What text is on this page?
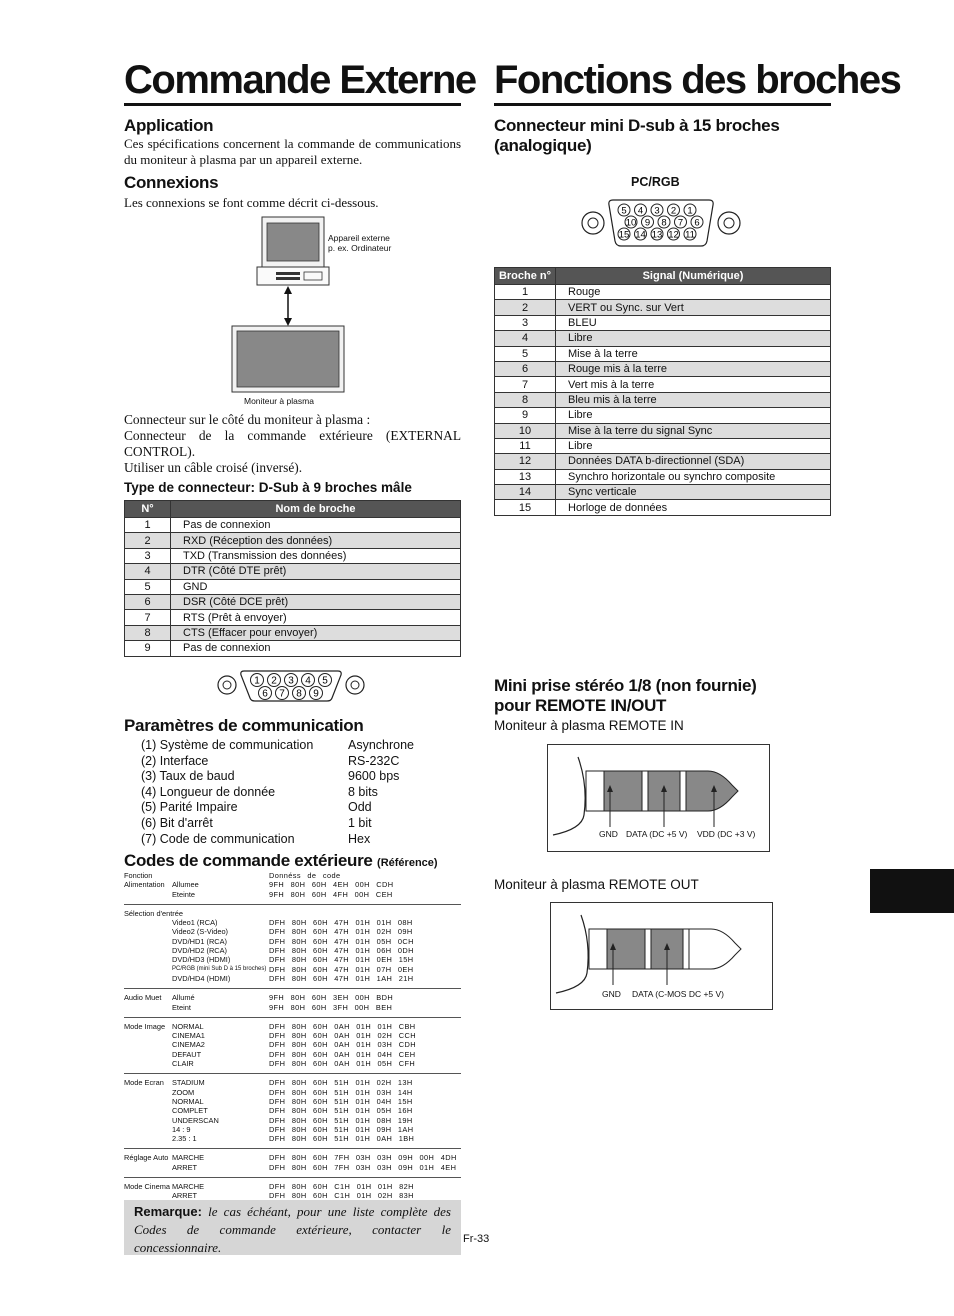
Commande Externe Fonctions des broches
Application
Ces spécifications concernent la commande de communications du moniteur à plasma par un appareil externe.
Connexions
Les connexions se font comme décrit ci-dessous.
Appareil externe
p. ex. Ordinateur
Moniteur à plasma
Connecteur sur le côté du moniteur à plasma :
Connecteur de la commande extérieure (EXTERNAL CONTROL).
Utiliser un câble croisé (inversé).
Type de connecteur: D-Sub à 9 broches mâle
N°	Nom de broche
1	Pas de connexion
2	RXD (Réception des données)
3	TXD (Transmission des données)
4	DTR (Côté DTE prêt)
5	GND
6	DSR (Côté DCE prêt)
7	RTS (Prêt à envoyer)
8	CTS (Effacer pour envoyer)
9	Pas de connexion
1 2 3 4 5
6 7 8 9
Paramètres de communication
(1) Système de communication	Asynchrone
(2) Interface	RS-232C
(3) Taux de baud	9600 bps
(4) Longueur de donnée	8 bits
(5) Parité Impaire	Odd
(6) Bit d'arrêt	1 bit
(7) Code de communication	Hex
Codes de commande extérieure (Référence)
Fonction	Donnéss de code
Alimentation Allumee	9FH 80H 60H 4EH 00H CDH
Eteinte	9FH 80H 60H 4FH 00H CEH
Sélection d'entrée
Video1 (RCA)	DFH 80H 60H 47H 01H 01H 08H
Video2 (S-Video)	DFH 80H 60H 47H 01H 02H 09H
DVD/HD1 (RCA)	DFH 80H 60H 47H 01H 05H 0CH
DVD/HD2 (RCA)	DFH 80H 60H 47H 01H 06H 0DH
DVD/HD3 (HDMI)	DFH 80H 60H 47H 01H 0EH 15H
PC/RGB (mini Sub D à 15 broches) DFH 80H 60H 47H 01H 07H 0EH
DVD/HD4 (HDMI)	DFH 80H 60H 47H 01H 1AH 21H
Audio Muet Allumé	9FH 80H 60H 3EH 00H BDH
Eteint	9FH 80H 60H 3FH 00H BEH
Mode Image NORMAL	DFH 80H 60H 0AH 01H 01H CBH
CINEMA1	DFH 80H 60H 0AH 01H 02H CCH
CINEMA2	DFH 80H 60H 0AH 01H 03H CDH
DEFAUT	DFH 80H 60H 0AH 01H 04H CEH
CLAIR	DFH 80H 60H 0AH 01H 05H CFH
Mode Ecran STADIUM	DFH 80H 60H 51H 01H 02H 13H
ZOOM	DFH 80H 60H 51H 01H 03H 14H
NORMAL	DFH 80H 60H 51H 01H 04H 15H
COMPLET	DFH 80H 60H 51H 01H 05H 16H
UNDERSCAN	DFH 80H 60H 51H 01H 08H 19H
14 : 9	DFH 80H 60H 51H 01H 09H 1AH
2.35 : 1	DFH 80H 60H 51H 01H 0AH 1BH
Réglage Auto MARCHE	DFH 80H 60H 7FH 03H 03H 09H 00H 4DH
ARRET	DFH 80H 60H 7FH 03H 03H 09H 01H 4EH
Mode Cinema MARCHE	DFH 80H 60H C1H 01H 01H 82H
ARRET	DFH 80H 60H C1H 01H 02H 83H
Remarque: le cas échéant, pour une liste complète des Codes de commande extérieure, contacter le concessionnaire.
Fr-33
Connecteur mini D-sub à 15 broches
(analogique)
PC/RGB
5 4 3 2 1
10 9 8 7 6
15 14 13 12 11
Broche n°	Signal (Numérique)
1	Rouge
2	VERT ou Sync. sur Vert
3	BLEU
4	Libre
5	Mise à la terre
6	Rouge mis à la terre
7	Vert mis à la terre
8	Bleu mis à la terre
9	Libre
10	Mise à la terre du signal Sync
11	Libre
12	Données DATA b-directionnel (SDA)
13	Synchro horizontale ou synchro composite
14	Sync verticale
15	Horloge de données
Mini prise stéréo 1/8 (non fournie)
pour REMOTE IN/OUT
Moniteur à plasma REMOTE IN
GND DATA (DC +5 V) VDD (DC +3 V)
Moniteur à plasma REMOTE OUT
GND DATA (C-MOS DC +5 V)
